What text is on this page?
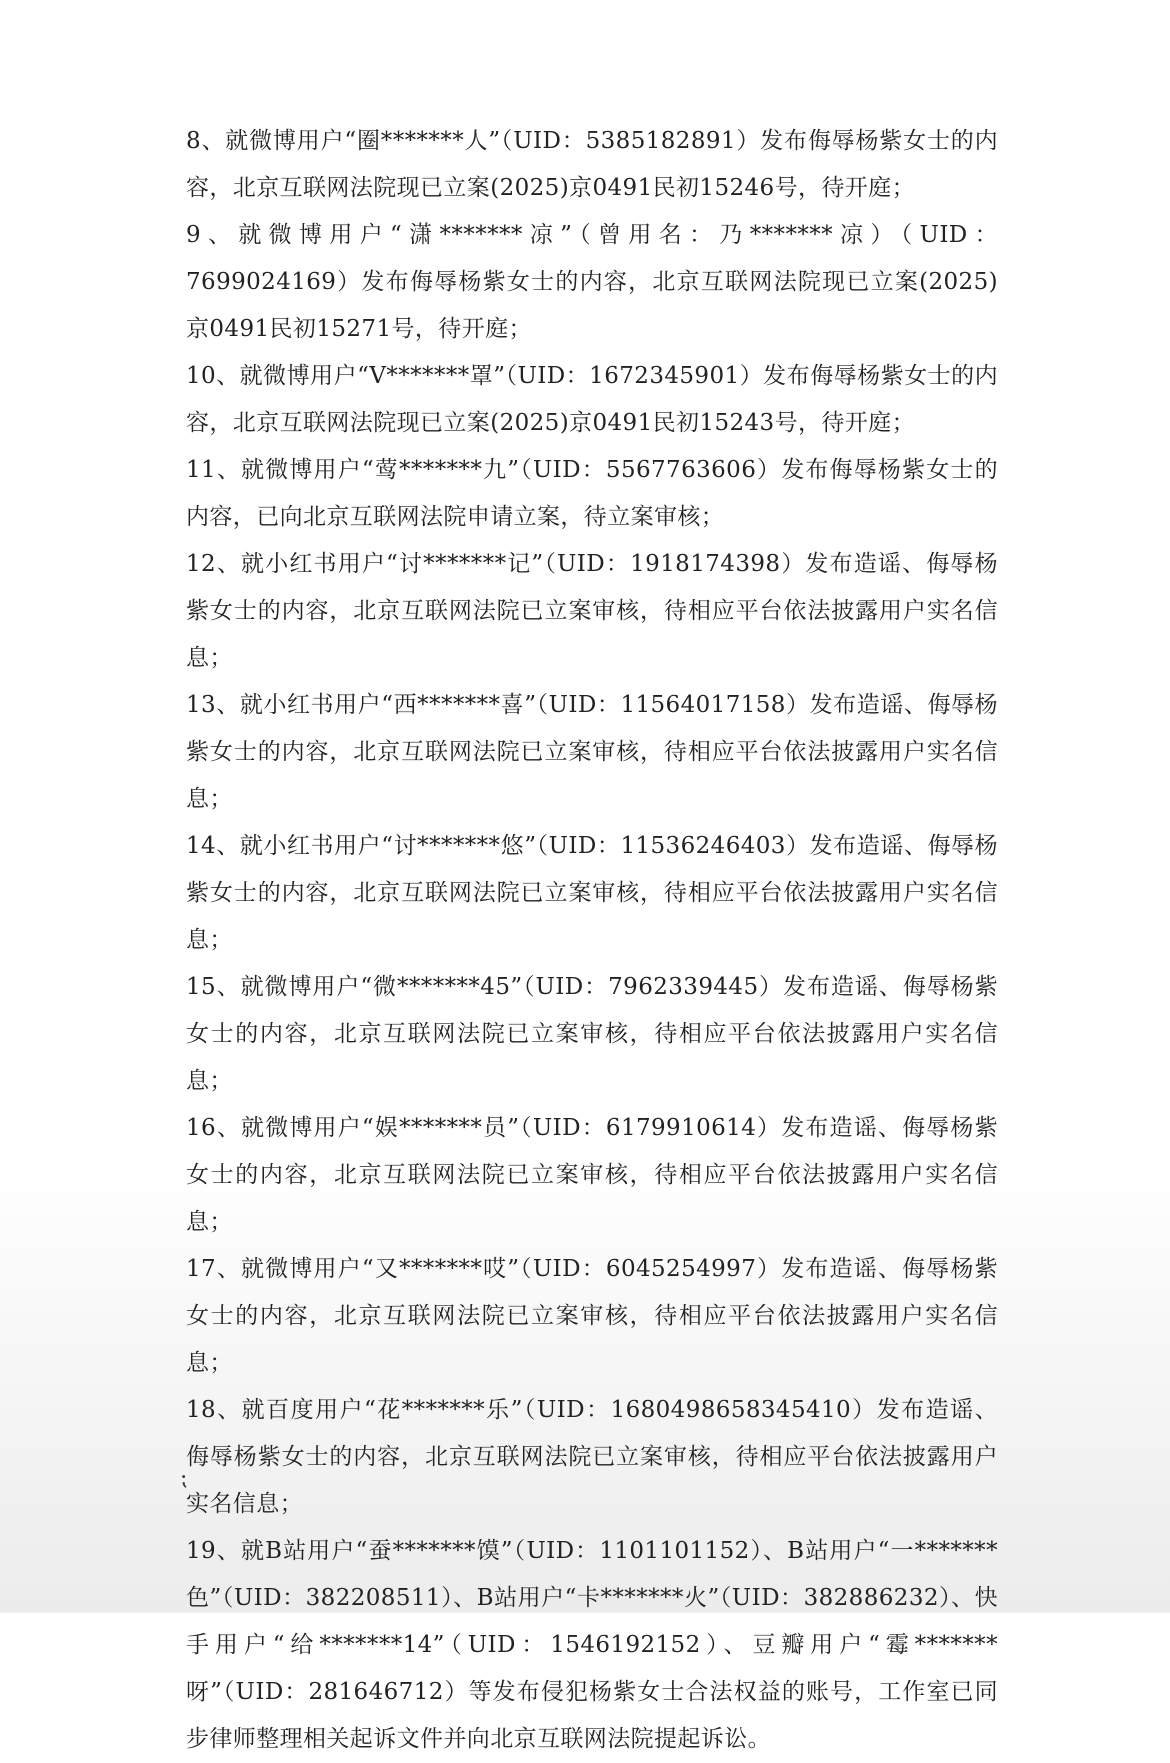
8、就微博用户“圈*******人”（UID：5385182891）发布侮辱杨紫女士的内容，北京互联网法院现已立案(2025)京0491民初15246号，待开庭；

9、就微博用户“潇*******凉”（曾用名：乃*******凉）（UID：7699024169）发布侮辱杨紫女士的内容，北京互联网法院现已立案(2025)京0491民初15271号，待开庭；

10、就微博用户“V*******罩”（UID：1672345901）发布侮辱杨紫女士的内容，北京互联网法院现已立案(2025)京0491民初15243号，待开庭；

11、就微博用户“莺*******九”（UID：5567763606）发布侮辱杨紫女士的内容，已向北京互联网法院申请立案，待立案审核；

12、就小红书用户“讨*******记”（UID：1918174398）发布造谣、侮辱杨紫女士的内容，北京互联网法院已立案审核，待相应平台依法披露用户实名信息；

13、就小红书用户“西*******喜”（UID：11564017158）发布造谣、侮辱杨紫女士的内容，北京互联网法院已立案审核，待相应平台依法披露用户实名信息；

14、就小红书用户“讨*******悠”（UID：11536246403）发布造谣、侮辱杨紫女士的内容，北京互联网法院已立案审核，待相应平台依法披露用户实名信息；

15、就微博用户“微*******45”（UID：7962339445）发布造谣、侮辱杨紫女士的内容，北京互联网法院已立案审核，待相应平台依法披露用户实名信息；

16、就微博用户“娱*******员”（UID：6179910614）发布造谣、侮辱杨紫女士的内容，北京互联网法院已立案审核，待相应平台依法披露用户实名信息；

17、就微博用户“又*******哎”（UID：6045254997）发布造谣、侮辱杨紫女士的内容，北京互联网法院已立案审核，待相应平台依法披露用户实名信息；

18、就百度用户“花*******乐”（UID：1680498658345410）发布造谣、侮辱杨紫女士的内容，北京互联网法院已立案审核，待相应平台依法披露用户实名信息；

19、就B站用户“蚕*******馍”（UID：1101101152）、B站用户“一*******色”（UID：382208511）、B站用户“卡*******火”（UID：382886232）、快手用户“给*******14”（UID：1546192152）、豆瓣用户“霉*******呀”（UID：281646712）等发布侵犯杨紫女士合法权益的账号，工作室已同步律师整理相关起诉文件并向北京互联网法院提起诉讼。

⁏
